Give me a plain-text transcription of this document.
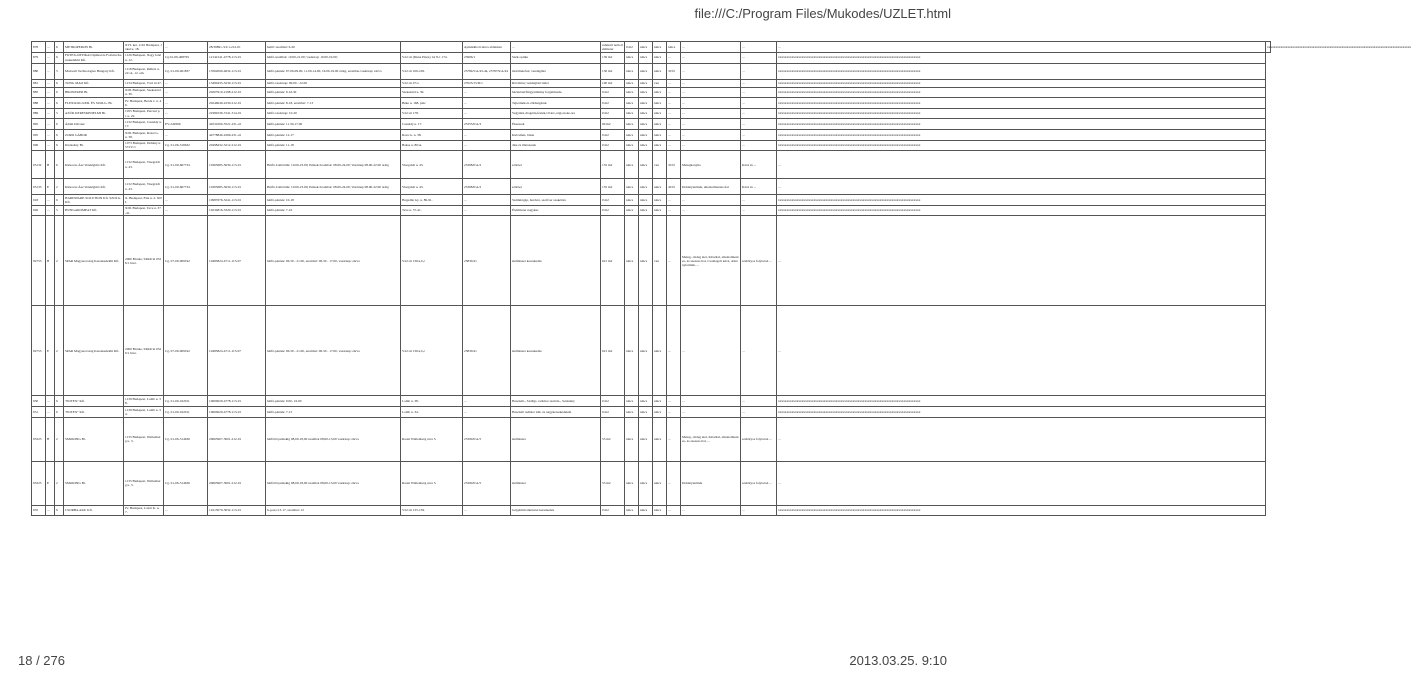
file:///C:/Program Files/Mukodes/UZLET.html
878	...	6	METROPERON Bt.	XVI. ker. 1161 Budapest, Jókai u. 18.	...	28/39891-3/2/1-212-01	heti0: szombat: 6-20		Ajándékbolt nincs ablakban	...	ruházati nem élelmiszer	0 m2	nincs	nincs	nincs	...	...	...	xxxxxxxxxxxxxxxxxxxxxxxxxxxxxxxxxxxxxxxxxxxxxxxxxxxxxxxxxxxxxxxxxxxxxxxxxxxxxxxxxxxxx
879	...	6	FOTEX-OPTIKAI Optikai és Fotóáru Kereskedelmi Kft.	1126 Budapest, Nagy Jenő u. 12.	Cg.01-09-468765	12142141-4778-113-01	hétfő-szombat: 10.00-21.00; vasárnap: 10.00-19.00;	Váci út (Duna Plaza) 1st 8-1 174.	25966/1	Szék optika	139 m2	nincs	nincs	nincs	...	...	...	xxxxxxxxxxxxxxxxxxxxxxxxxxxxxxxxxxxxxxxxxxxxxxxxxxxxxxxxxxxxxxxxxxxxxxxxxxxxxxxxxxxx	
880	...	5	Maxwell Technologies Hungary Kft.	1118 Budapest, Rétköz u. 22./A, 12. em.	Cg. 01-09-461837	13562090-4632-113-01	hétfő-péntek: 07.00-09.00, 11.00-14.00, 16.00-19.00 óráig, szombat-vasárnap: zárva	Váci út 106-106.	25784/5/A/43-44, 25787/9/A/44	mobiltelefon; vendéglátó	130 m2	nincs	nincs	nincs	30 fő	...	...	xxxxxxxxxxxxxxxxxxxxxxxxxxxxxxxxxxxxxxxxxxxxxxxxxxxxxxxxxxxxxxxxxxxxxxxxxxxxxxxxxxxx	
881	...	6	TONG MAO Kft.	1134 Budapest, Váci út 47.	...	13490435-3230-113-01	hétfő-vasárnap: 09.00 - 22.00	Váci út 47/a	27023/15/D/1	Rövidáru; vendéglátó üzlet	100 m2	nincs	nincs	van	...	...	...	xxxxxxxxxxxxxxxxxxxxxxxxxxxxxxxxxxxxxxxxxxxxxxxxxxxxxxxxxxxxxxxxxxxxxxxxxxxxxxxxxxxx	
885	...	6	BRONZKER Bt.	XIII. Budapest, Szekszárd u. 30.	...	20207910-2198-212-01	hétfő-péntek: 9-16.30	Szekszárd u. 30.	...	háztartási/fürgyártmány forgalmazás	0 m2	nincs	nincs	nincs	...	...	...	xxxxxxxxxxxxxxxxxxxxxxxxxxxxxxxxxxxxxxxxxxxxxxxxxxxxxxxxxxxxxxxxxxxxxxxxxxxxxxxxxxxx	
888	...	6	FLEXILOG KER. ÉS SZOLG. Bt.	IV. Budapest, Berda J. u. 46.	...	20246049-2230-212-01	hétfő-péntek: 8-18, szombat: 7-13	Béke u. 168. pinc	...	Tejtermék és zöldségáruk	0 m2	nincs	nincs	nincs	...	...	...	xxxxxxxxxxxxxxxxxxxxxxxxxxxxxxxxxxxxxxxxxxxxxxxxxxxxxxxxxxxxxxxxxxxxxxxxxxxxxxxxxxxx	
889	...	5	AZÚR KERESKEDELMI Bt.	1055 Budapest, Perczel p. 1 u. 22.	...	21984536-7241-314-01	hétfő-vasárnap: 10-20	Váci út 178.	...	Vegyiárú,drogéria,festék,vil.lev.,régi,szoko.sra	0 m2	nincs	nincs	nincs	...	...	...	xxxxxxxxxxxxxxxxxxxxxxxxxxxxxxxxxxxxxxxxxxxxxxxxxxxxxxxxxxxxxxxxxxxxxxxxxxxxxxxxxxxx	
895	...	6	Ádám Dávoné	1132 Budapest, Csanády u. 17.	EV-249366	44531000-3521-231-41	hétfő-péntek: 11.30-17.00	Csanády u. 17.	25355/0/A/3	Ékszerek	99 m2	nincs	nincs	nincs	...	...	...	xxxxxxxxxxxxxxxxxxxxxxxxxxxxxxxxxxxxxxxxxxxxxxxxxxxxxxxxxxxxxxxxxxxxxxxxxxxxxxxxxxxx	
905	...	6	ZORO GÁBOR	XIII. Budapest, Rozsi G. u. 38.	...	44778840-2266-231-41	hétfő-péntek: 12-17	Rozs G. u. 38.	...	Kulcsmás, bizsu	0 m2	nincs	nincs	nincs	...	...	...	xxxxxxxxxxxxxxxxxxxxxxxxxxxxxxxxxxxxxxxxxxxxxxxxxxxxxxxxxxxxxxxxxxxxxxxxxxxxxxxxxxxx	
906	...	6	Klotkolny Bt.	1073 Budapest, Dohány u. 57.IV./1	Cg. 01-06-316632	20498432-3212-212-01	hétfő-péntek: 11-18	Baksa u. 80/A.	...	dísz és illatszerek	0 m2	nincs	nincs	nincs	...	...	...	xxxxxxxxxxxxxxxxxxxxxxxxxxxxxxxxxxxxxxxxxxxxxxxxxxxxxxxxxxxxxxxxxxxxxxxxxxxxxxxxxxxx	
95132	B	6	Kirkover-Ász Vendéglátó Kft.	1132 Budapest, Visegrádi u. 43.	Cg. 01-09-667734	10365685-5630-113-01	Hétfő-Csütörtök: 10.00-23.00; Péntek-Szombat: 08.00-24.00; Vasárnap 08.00-22.00 óráig	Visegrádi u. 43.	25368/0/A/2	szörbet	135 m2	nincs	nincs	van	30 fő	Melegkonyha	Kávé és ...	...	
95133	E	2	Kirkover-Ász Vendéglátó Kft.	1132 Budapest, Visegrádi u. 43.	Cg. 01-09-667734	10365685-5630-113-01	Hétfő-Csütörtök: 10.00-23.00; Péntek-Szombat: 08.00-24.00; Vasárnap 08.00-22.00 óráig	Visegrádi u. 43.	25368/0/A/2	szörbet	135 m2	nincs	nincs	nincs	40 fő	Dohánytermék, alkoholmentes ital	Kávé és ...	...	
918	...	6	HARDWARE-SOLUTION Kft. SZOLG. Kft.	X. Budapest, Fáta u. 2. XIII.	...	10987676-3241-113-01	hétfő-péntek: 10-18	Hegedűs Gy. u. 89-91.	...	Számítógép, hardver, szoftver szakértés	0 m2	nincs	nincs	nincs	...	...	...	xxxxxxxxxxxxxxxxxxxxxxxxxxxxxxxxxxxxxxxxxxxxxxxxxxxxxxxxxxxxxxxxxxxxxxxxxxxxxxxxxxxx	
926	...	5	HUNGAROMEAT Kft.	XIII. Budapest, Teve u. 37-41.	...	10234816-3320-113-01	hétfő-péntek: 7-16	Teve u. 37-41.	...	Élelmiszer nagyker.	0 m2	nincs	nincs	nincs	...	...	...	xxxxxxxxxxxxxxxxxxxxxxxxxxxxxxxxxxxxxxxxxxxxxxxxxxxxxxxxxxxxxxxxxxxxxxxxxxxxxxxxxxxx	
92753	B	2	SPAR Magyarország Kereskedelmi Kft.	2060 Bicske, SPAR út 0326/1 hrsz.	Cg. 07-09-009192	10485824-4711-113-07	hétfő-péntek: 06.30 - 21.00, szombat: 06.30 - 17.00, vasárnap: zárva	Váci út 136/a,b,c	25830/41	élelmiszer kereskedés	621 m2	nincs	nincs	van	...	Meleg-, hideg étel, Kávéital, alkoholmentes- és szeszes ital, Csomagolt kávé, dohánytermék, ...	szabályos folytatott ...	...	
92755	E	2	SPAR Magyarország Kereskedelmi Kft.	2060 Bicske, SPAR út 0326/1 hrsz.	Cg. 07-09-009192	10485824-4711-113-07	hétfő-péntek: 06.30 - 21.00, szombat: 06.30 - 17.00, vasárnap: zárva	Váci út 136/a,b,c	25830/41	élelmiszer kereskedés	621 m2	nincs	nincs	nincs	...	...	...	...	
930	...	6	"POTEX" Kft.	1139 Budapest, Lomb u. 38.	Cg. 01-09-162011	10600029-4778-113-01	hétfő-péntek: 9.00- 16.00	Lomb u. 38.	...	Használt-, Szállgs. radiátor szalvás-, Szekrény	0 m2	nincs	nincs	nincs	...	...	...	xxxxxxxxxxxxxxxxxxxxxxxxxxxxxxxxxxxxxxxxxxxxxxxxxxxxxxxxxxxxxxxxxxxxxxxxxxxxxxxxxxxx	
931	...	6	"POTEX" Kft.	1139 Budapest, Lomb u. 34.	Cg. 01-09-162011	10600029-4778-113-01	hétfő-péntek: 7-15	Lomb u. 34.	...	Használt radiátor kül- és nagykereskedelem	0 m2	nincs	nincs	nincs	...	...	...	xxxxxxxxxxxxxxxxxxxxxxxxxxxxxxxxxxxxxxxxxxxxxxxxxxxxxxxxxxxxxxxxxxxxxxxxxxxxxxxxxxxx	
93323	B	2	SMOKING Bt.	1135 Budapest, Wallenberg u. 3.	Cg. 01-06-314636	20665907-3001-212-01	hétfőtől péntekig 08,00-18,00 szombat 08,00-13,00 vasárnap: zárva	Raoul Wallenberg utca 3.	25390/0/A/5	élelmiszer	53 m2	nincs	nincs	nincs	...	Meleg-, hideg étel, Kávéital, alkoholmentes- és szeszes ital, ...	szabályos folytatott ...	...	
93325	E	2	SMOKING Bt.	1135 Budapest, Wallenberg u. 3.	Cg. 01-06-314636	20665907-3001-212-01	hétfőtől péntekig 08,00-18,00 szombat 08,00-13,00 vasárnap: zárva	Raoul Wallenberg utca 3.	25390/0/A/5	élelmiszer	53 m2	nincs	nincs	nincs	...	Dohánytermék	szabályos folytatott ...	...	
935	...	6	CSORBA AKU Kft.	IV. Budapest, Lázár K. u. 7.	...	12213070-3632-113-01	h-p,szo:13-17, szombat: 12	Váci út 135-139.	...	Gépjármű alkatrész kereskedés	0 m2	nincs	nincs	nincs	...	...	...	xxxxxxxxxxxxxxxxxxxxxxxxxxxxxxxxxxxxxxxxxxxxxxxxxxxxxxxxxxxxxxxxxxxxxxxxxxxxxxxxxxxx	
18 / 276	2013.03.25. 9:10
